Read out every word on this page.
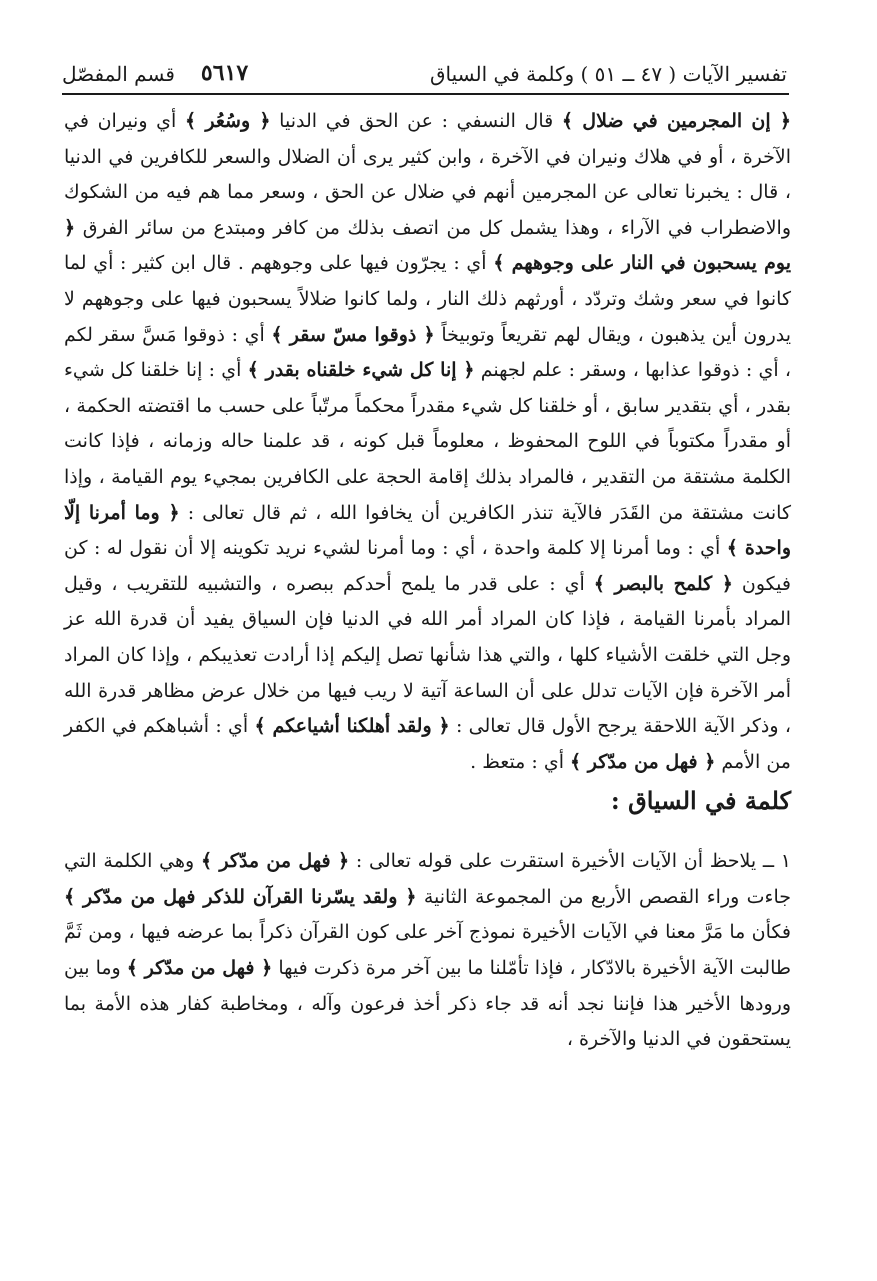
تفسير الآيات ( ٤٧ ــ ٥١ ) وكلمة في السياق
قسم المفصّل ٥٦١٧

﴿ إن المجرمين في ضلال ﴾ قال النسفي : عن الحق في الدنيا ﴿ وسُعُر ﴾ أي ونيران في الآخرة ، أو في هلاك ونيران في الآخرة ، وابن كثير يرى أن الضلال والسعر للكافرين في الدنيا ، قال : يخبرنا تعالى عن المجرمين أنهم في ضلال عن الحق ، وسعر مما هم فيه من الشكوك والاضطراب في الآراء ، وهذا يشمل كل من اتصف بذلك من كافر ومبتدع من سائر الفرق ﴿ يوم يسحبون في النار على وجوههم ﴾ أي : يجرّون فيها على وجوههم . قال ابن كثير : أي لما كانوا في سعر وشك وتردّد ، أورثهم ذلك النار ، ولما كانوا ضلالاً يسحبون فيها على وجوههم لا يدرون أين يذهبون ، ويقال لهم تقريعاً وتوبيخاً ﴿ ذوقوا مسّ سقر ﴾ أي : ذوقوا مَسَّ سقر لكم ، أي : ذوقوا عذابها ، وسقر : علم لجهنم ﴿ إنا كل شيء خلقناه بقدر ﴾ أي : إنا خلقنا كل شيء بقدر ، أي بتقدير سابق ، أو خلقنا كل شيء مقدراً محكماً مرتّباً على حسب ما اقتضته الحكمة ، أو مقدراً مكتوباً في اللوح المحفوظ ، معلوماً قبل كونه ، قد علمنا حاله وزمانه ، فإذا كانت الكلمة مشتقة من التقدير ، فالمراد بذلك إقامة الحجة على الكافرين بمجيء يوم القيامة ، وإذا كانت مشتقة من القَدَر فالآية تنذر الكافرين أن يخافوا الله ، ثم قال تعالى : ﴿ وما أمرنا إلّا واحدة ﴾ أي : وما أمرنا إلا كلمة واحدة ، أي : وما أمرنا لشيء نريد تكوينه إلا أن نقول له : كن فيكون ﴿ كلمح بالبصر ﴾ أي : على قدر ما يلمح أحدكم ببصره ، والتشبيه للتقريب ، وقيل المراد بأمرنا القيامة ، فإذا كان المراد أمر الله في الدنيا فإن السياق يفيد أن قدرة الله عز وجل التي خلقت الأشياء كلها ، والتي هذا شأنها تصل إليكم إذا أرادت تعذيبكم ، وإذا كان المراد أمر الآخرة فإن الآيات تدلل على أن الساعة آتية لا ريب فيها من خلال عرض مظاهر قدرة الله ، وذكر الآية اللاحقة يرجح الأول قال تعالى : ﴿ ولقد أهلكنا أشياعكم ﴾ أي : أشباهكم في الكفر من الأمم ﴿ فهل من مدّكر ﴾ أي : متعظ .

كلمة في السياق :

١ ــ يلاحظ أن الآيات الأخيرة استقرت على قوله تعالى : ﴿ فهل من مدّكر ﴾ وهي الكلمة التي جاءت وراء القصص الأربع من المجموعة الثانية ﴿ ولقد يسّرنا القرآن للذكر فهل من مدّكر ﴾ فكأن ما مَرَّ معنا في الآيات الأخيرة نموذج آخر على كون القرآن ذكراً بما عرضه فيها ، ومن ثَمَّ طالبت الآية الأخيرة بالادّكار ، فإذا تأمّلنا ما بين آخر مرة ذكرت فيها ﴿ فهل من مدّكر ﴾ وما بين ورودها الأخير هذا فإننا نجد أنه قد جاء ذكر أخذ فرعون وآله ، ومخاطبة كفار هذه الأمة بما يستحقون في الدنيا والآخرة ،
